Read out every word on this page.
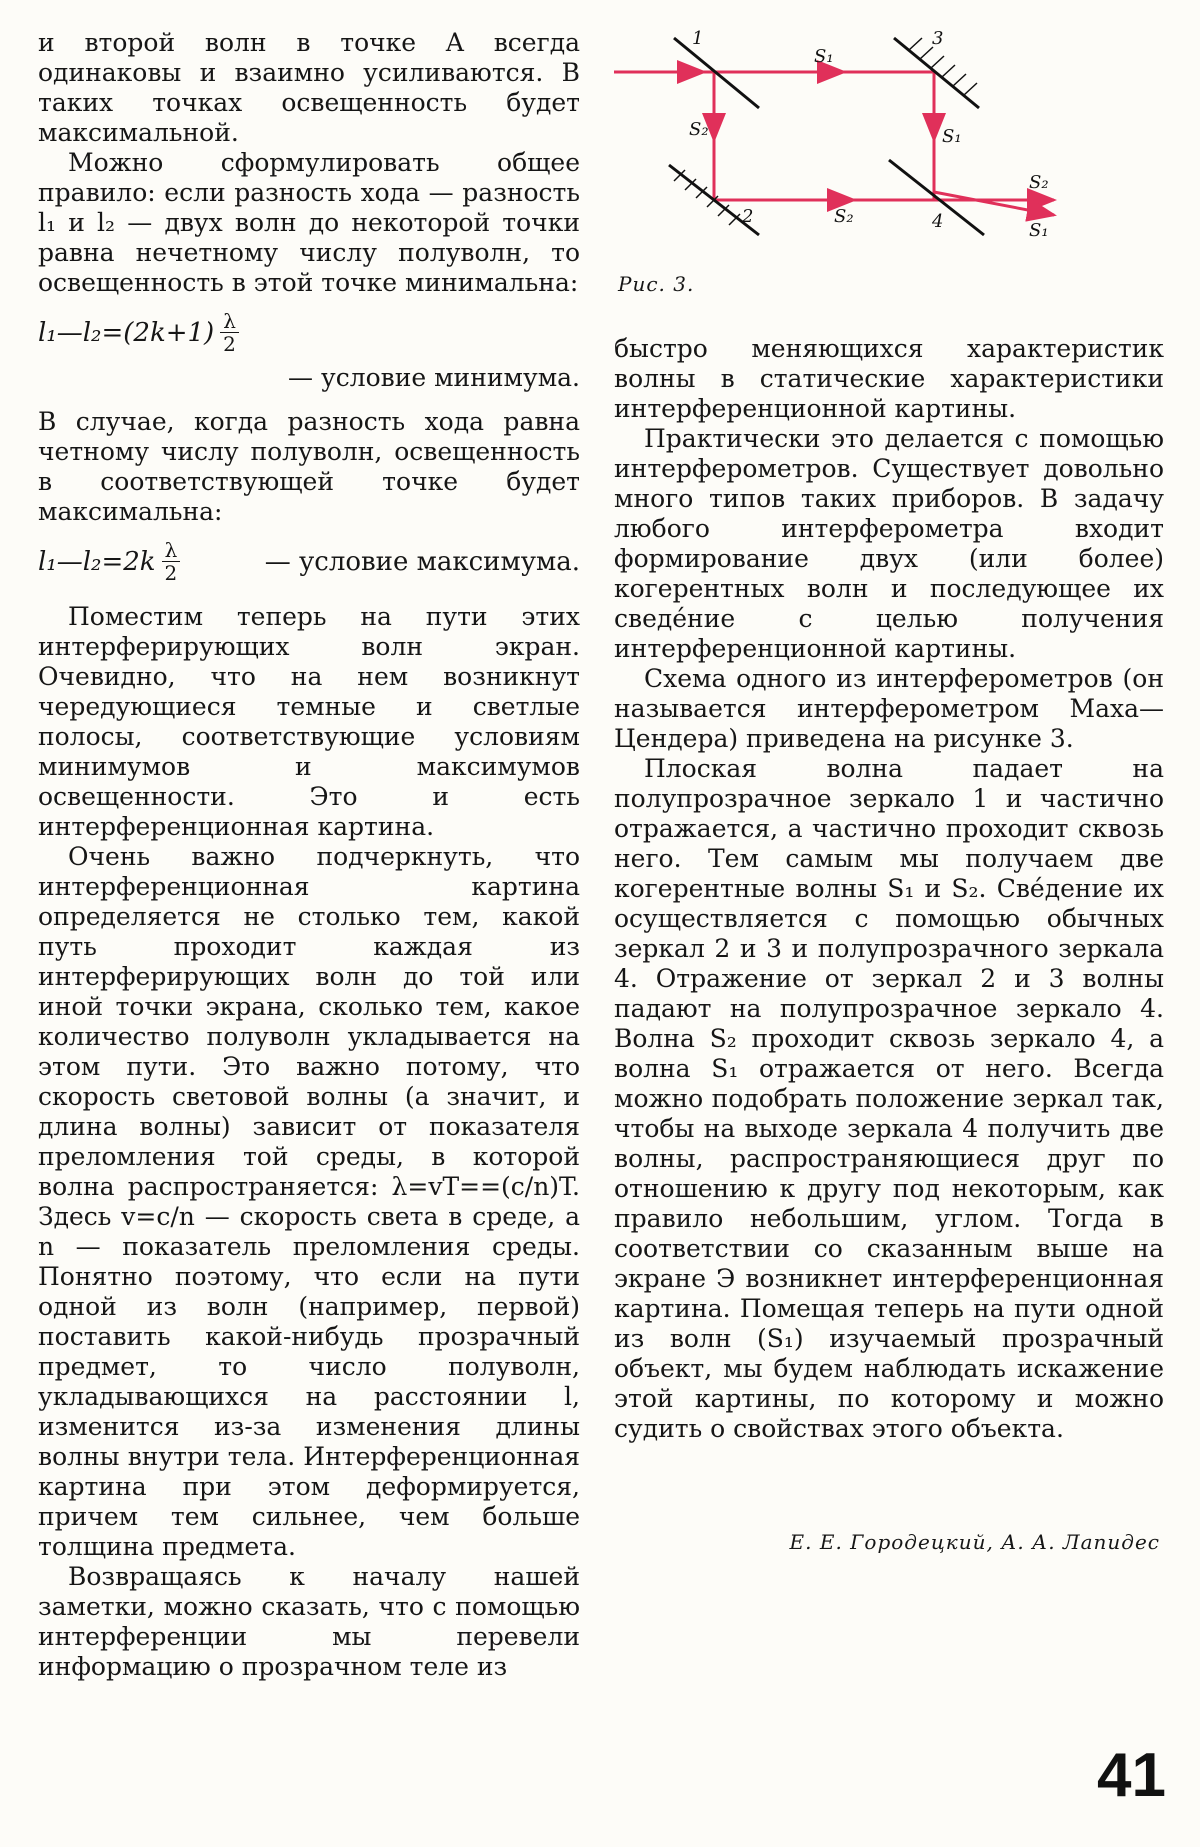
и второй волн в точке A всегда одинаковы и взаимно усиливаются. В таких точках освещенность будет максимальной.

Можно сформулировать общее правило: если разность хода — разность l₁ и l₂ — двух волн до некоторой точки равна нечетному числу полуволн, то освещенность в этой точке минимальна:

l₁—l₂=(2k+1) $\frac{\lambda}{2}$
— условие минимума.

В случае, когда разность хода равна четному числу полуволн, освещенность в соответствующей точке будет максимальна:

l₁—l₂=2k $\frac{\lambda}{2}$	— условие максимума.

Поместим теперь на пути этих интерферирующих волн экран. Очевидно, что на нем возникнут чередующиеся темные и светлые полосы, соответствующие условиям минимумов и максимумов освещенности. Это и есть интерференционная картина.

Очень важно подчеркнуть, что интерференционная картина определяется не столько тем, какой путь проходит каждая из интерферирующих волн до той или иной точки экрана, сколько тем, какое количество полуволн укладывается на этом пути. Это важно потому, что скорость световой волны (а значит, и длина волны) зависит от показателя преломления той среды, в которой волна распространяется: λ=vT==(c/n)T. Здесь v=c/n — скорость света в среде, а n — показатель преломления среды. Понятно поэтому, что если на пути одной из волн (например, первой) поставить какой-нибудь прозрачный предмет, то число полуволн, укладывающихся на расстоянии l, изменится из-за изменения длины волны внутри тела. Интерференционная картина при этом деформируется, причем тем сильнее, чем больше толщина предмета.

Возвращаясь к началу нашей заметки, можно сказать, что с помощью интерференции мы перевели информацию о прозрачном теле из

1
2
3
4
S₁
S₂	S₁
S₂
S₂
S₁
Рис. 3.

быстро меняющихся характеристик волны в статические характеристики интерференционной картины.

Практически это делается с помощью интерферометров. Существует довольно много типов таких приборов. В задачу любого интерферометра входит формирование двух (или более) когерентных волн и последующее их сведе́ние с целью получения интерференционной картины.

Схема одного из интерферометров (он называется интерферометром Маха—Цендера) приведена на рисунке 3.

Плоская волна падает на полупрозрачное зеркало 1 и частично отражается, а частично проходит сквозь него. Тем самым мы получаем две когерентные волны S₁ и S₂. Све́дение их осуществляется с помощью обычных зеркал 2 и 3 и полупрозрачного зеркала 4. Отражение от зеркал 2 и 3 волны падают на полупрозрачное зеркало 4. Волна S₂ проходит сквозь зеркало 4, а волна S₁ отражается от него. Всегда можно подобрать положение зеркал так, чтобы на выходе зеркала 4 получить две волны, распространяющиеся друг по отношению к другу под некоторым, как правило небольшим, углом. Тогда в соответствии со сказанным выше на экране Э возникнет интерференционная картина. Помещая теперь на пути одной из волн (S₁) изучаемый прозрачный объект, мы будем наблюдать искажение этой картины, по которому и можно судить о свойствах этого объекта.

Е. Е. Городецкий, А. А. Лапидес
41
